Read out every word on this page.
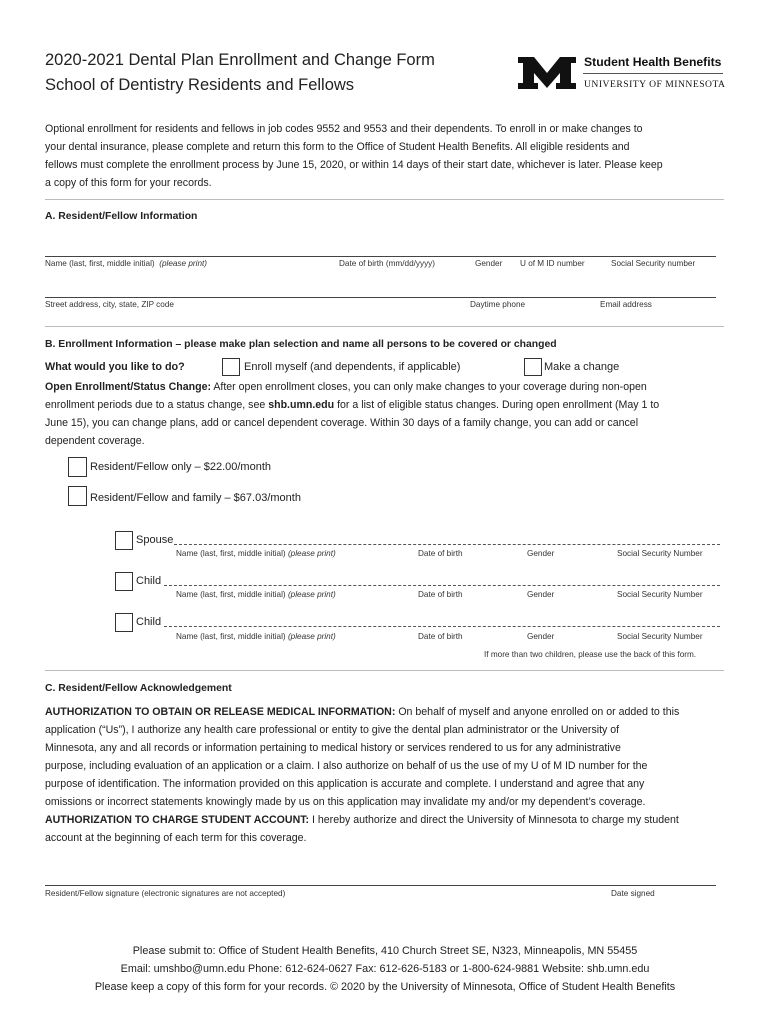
2020-2021 Dental Plan Enrollment and Change Form
School of Dentistry Residents and Fellows
Student Health Benefits
UNIVERSITY OF MINNESOTA
Optional enrollment for residents and fellows in job codes 9552 and 9553 and their dependents. To enroll in or make changes to
your dental insurance, please complete and return this form to the Office of Student Health Benefits. All eligible residents and
fellows must complete the enrollment process by June 15, 2020, or within 14 days of their start date, whichever is later. Please keep
a copy of this form for your records.
A. Resident/Fellow Information
Name (last, first, middle initial) (please print)	Date of birth (mm/dd/yyyy)	Gender U of M ID number	Social Security number
Street address, city, state, ZIP code	Daytime phone	Email address
B. Enrollment Information – please make plan selection and name all persons to be covered or changed
What would you like to do?	Enroll myself (and dependents, if applicable)	Make a change
Open Enrollment/Status Change: After open enrollment closes, you can only make changes to your coverage during non-open
enrollment periods due to a status change, see shb.umn.edu for a list of eligible status changes. During open enrollment (May 1 to
June 15), you can change plans, add or cancel dependent coverage. Within 30 days of a family change, you can add or cancel
dependent coverage.
Resident/Fellow only – $22.00/month
Resident/Fellow and family – $67.03/month
Spouse
Name (last, first, middle initial) (please print)	Date of birth	Gender	Social Security Number
Child
Name (last, first, middle initial) (please print)	Date of birth	Gender	Social Security Number
Child
Name (last, first, middle initial) (please print)	Date of birth	Gender	Social Security Number
If more than two children, please use the back of this form.
C. Resident/Fellow Acknowledgement
AUTHORIZATION TO OBTAIN OR RELEASE MEDICAL INFORMATION: On behalf of myself and anyone enrolled on or added to this
application (“Us”), I authorize any health care professional or entity to give the dental plan administrator or the University of
Minnesota, any and all records or information pertaining to medical history or services rendered to us for any administrative
purpose, including evaluation of an application or a claim. I also authorize on behalf of us the use of my U of M ID number for the
purpose of identification. The information provided on this application is accurate and complete. I understand and agree that any
omissions or incorrect statements knowingly made by us on this application may invalidate my and/or my dependent’s coverage.
AUTHORIZATION TO CHARGE STUDENT ACCOUNT: I hereby authorize and direct the University of Minnesota to charge my student
account at the beginning of each term for this coverage.
Resident/Fellow signature (electronic signatures are not accepted)	Date signed
Please submit to: Office of Student Health Benefits, 410 Church Street SE, N323, Minneapolis, MN 55455
Email: umshbo@umn.edu Phone: 612-624-0627 Fax: 612-626-5183 or 1-800-624-9881 Website: shb.umn.edu
Please keep a copy of this form for your records. © 2020 by the University of Minnesota, Office of Student Health Benefits
